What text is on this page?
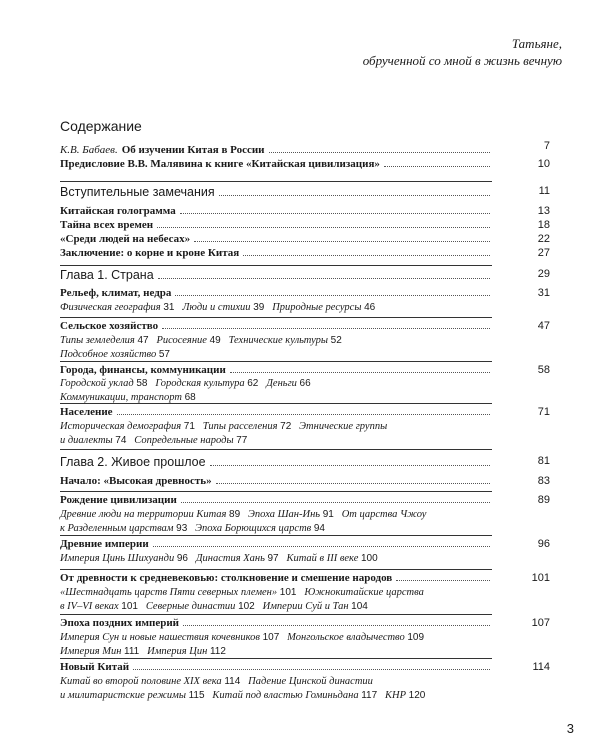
Татьяне,
обрученной со мной в жизнь вечную
Содержание
К.В. Бабаев. Об изучении Китая в России	7
Предисловие В.В. Малявина к книге «Китайская цивилизация»	10
Вступительные замечания	11
Китайская голограмма	13
Тайна всех времен	18
«Среди людей на небесах»	22
Заключение: о корне и кроне Китая	27
Глава 1. Страна	29
Рельеф, климат, недра	31
Физическая география 31 Люди и стихии 39 Природные ресурсы 46
Сельское хозяйство	47
Типы земледелия 47 Рисосеяние 49 Технические культуры 52
Подсобное хозяйство 57
Города, финансы, коммуникации	58
Городской уклад 58 Городская культура 62 Деньги 66
Коммуникации, транспорт 68
Население	71
Историческая демография 71 Типы расселения 72 Этнические группы
и диалекты 74 Сопредельные народы 77
Глава 2. Живое прошлое	81
Начало: «Высокая древность»	83
Рождение цивилизации	89
Древние люди на территории Китая 89 Эпоха Шан-Инь 91 От царства Чжоу
к Разделенным царствам 93 Эпоха Борющихся царств 94
Древние империи	96
Империя Цинь Шихуанди 96 Династия Хань 97 Китай в III веке 100
От древности к средневековью: столкновение и смешение народов	101
«Шестнадцать царств Пяти северных племен» 101 Южнокитайские царства
в IV–VI веках 101 Северные династии 102 Империи Суй и Тан 104
Эпоха поздних империй	107
Империя Сун и новые нашествия кочевников 107 Монгольское владычество 109
Империя Мин 111 Империя Цин 112
Новый Китай	114
Китай во второй половине XIX века 114 Падение Цинской династии
и милитаристские режимы 115 Китай под властью Гоминьдана 117 КНР 120
3
